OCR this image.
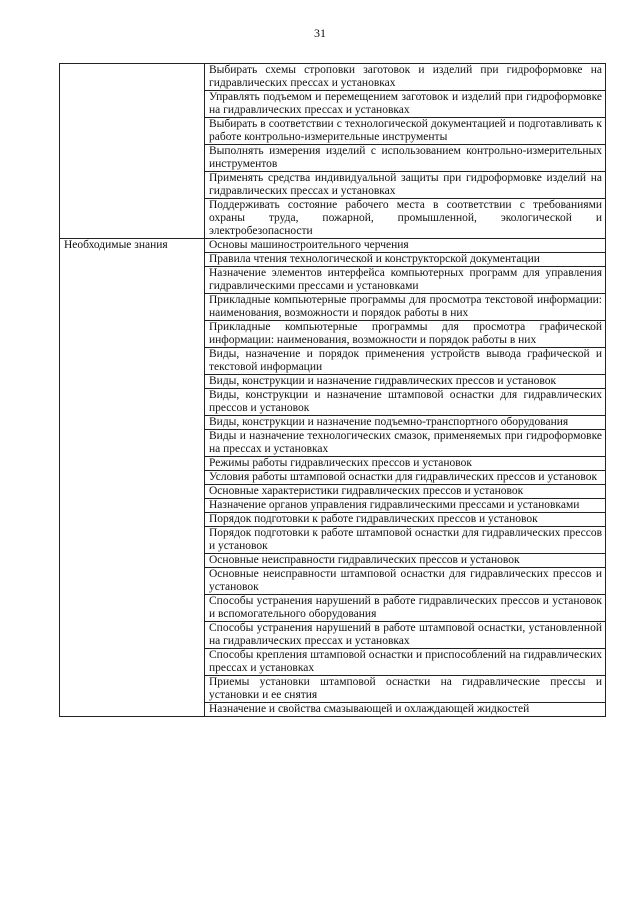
31
	Выбирать схемы строповки заготовок и изделий при гидроформовке на гидравлических прессах и установках
	Управлять подъемом и перемещением заготовок и изделий при гидроформовке на гидравлических прессах и установках
	Выбирать в соответствии с технологической документацией и подготавливать к работе контрольно-измерительные инструменты
	Выполнять измерения изделий с использованием контрольно-измерительных инструментов
	Применять средства индивидуальной защиты при гидроформовке изделий на гидравлических прессах и установках
	Поддерживать состояние рабочего места в соответствии с требованиями охраны труда, пожарной, промышленной, экологической и электробезопасности
Необходимые знания	Основы машиностроительного черчения
	Правила чтения технологической и конструкторской документации
	Назначение элементов интерфейса компьютерных программ для управления гидравлическими прессами и установками
	Прикладные компьютерные программы для просмотра текстовой информации: наименования, возможности и порядок работы в них
	Прикладные компьютерные программы для просмотра графической информации: наименования, возможности и порядок работы в них
	Виды, назначение и порядок применения устройств вывода графической и текстовой информации
	Виды, конструкции и назначение гидравлических прессов и установок
	Виды, конструкции и назначение штамповой оснастки для гидравлических прессов и установок
	Виды, конструкции и назначение подъемно-транспортного оборудования
	Виды и назначение технологических смазок, применяемых при гидроформовке на прессах и установках
	Режимы работы гидравлических прессов и установок
	Условия работы штамповой оснастки для гидравлических прессов и установок
	Основные характеристики гидравлических прессов и установок
	Назначение органов управления гидравлическими прессами и установками
	Порядок подготовки к работе гидравлических прессов и установок
	Порядок подготовки к работе штамповой оснастки для гидравлических прессов и установок
	Основные неисправности гидравлических прессов и установок
	Основные неисправности штамповой оснастки для гидравлических прессов и установок
	Способы устранения нарушений в работе гидравлических прессов и установок и вспомогательного оборудования
	Способы устранения нарушений в работе штамповой оснастки, установленной на гидравлических прессах и установках
	Способы крепления штамповой оснастки и приспособлений на гидравлических прессах и установках
	Приемы установки штамповой оснастки на гидравлические прессы и установки и ее снятия
	Назначение и свойства смазывающей и охлаждающей жидкостей
